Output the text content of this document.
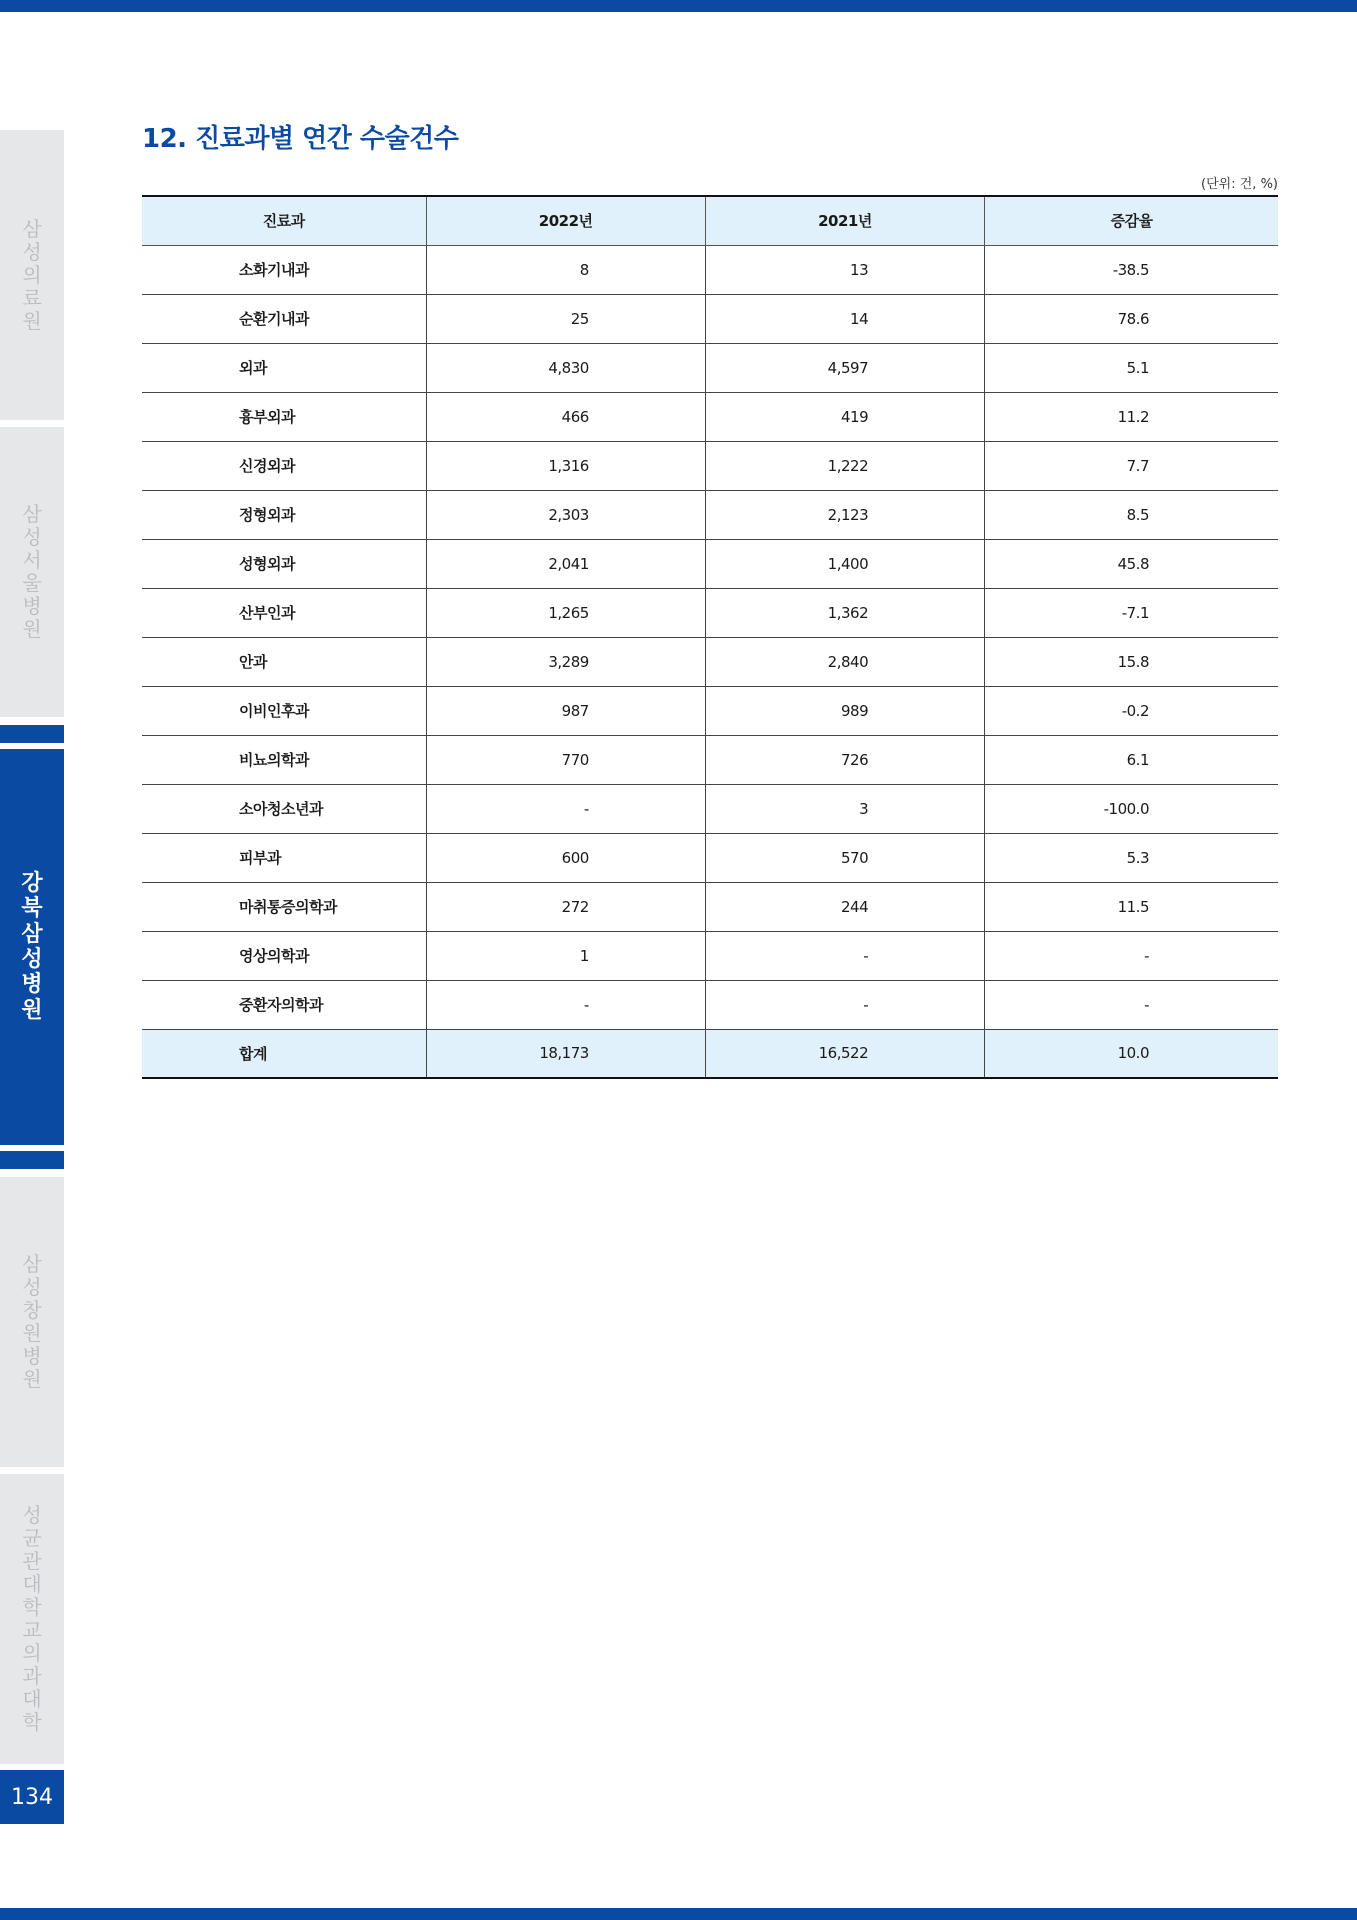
삼성의료원
삼성서울병원
강북삼성병원
삼성창원병원
성균관대학교 의과대학
134
12. 진료과별 연간 수술건수
(단위: 건, %)
진료과	2022년	2021년	증감율
소화기내과	8	13	-38.5
순환기내과	25	14	78.6
외과	4,830	4,597	5.1
흉부외과	466	419	11.2
신경외과	1,316	1,222	7.7
정형외과	2,303	2,123	8.5
성형외과	2,041	1,400	45.8
산부인과	1,265	1,362	-7.1
안과	3,289	2,840	15.8
이비인후과	987	989	-0.2
비뇨의학과	770	726	6.1
소아청소년과	-	3	-100.0
피부과	600	570	5.3
마취통증의학과	272	244	11.5
영상의학과	1	-	-
중환자의학과	-	-	-
합계	18,173	16,522	10.0
